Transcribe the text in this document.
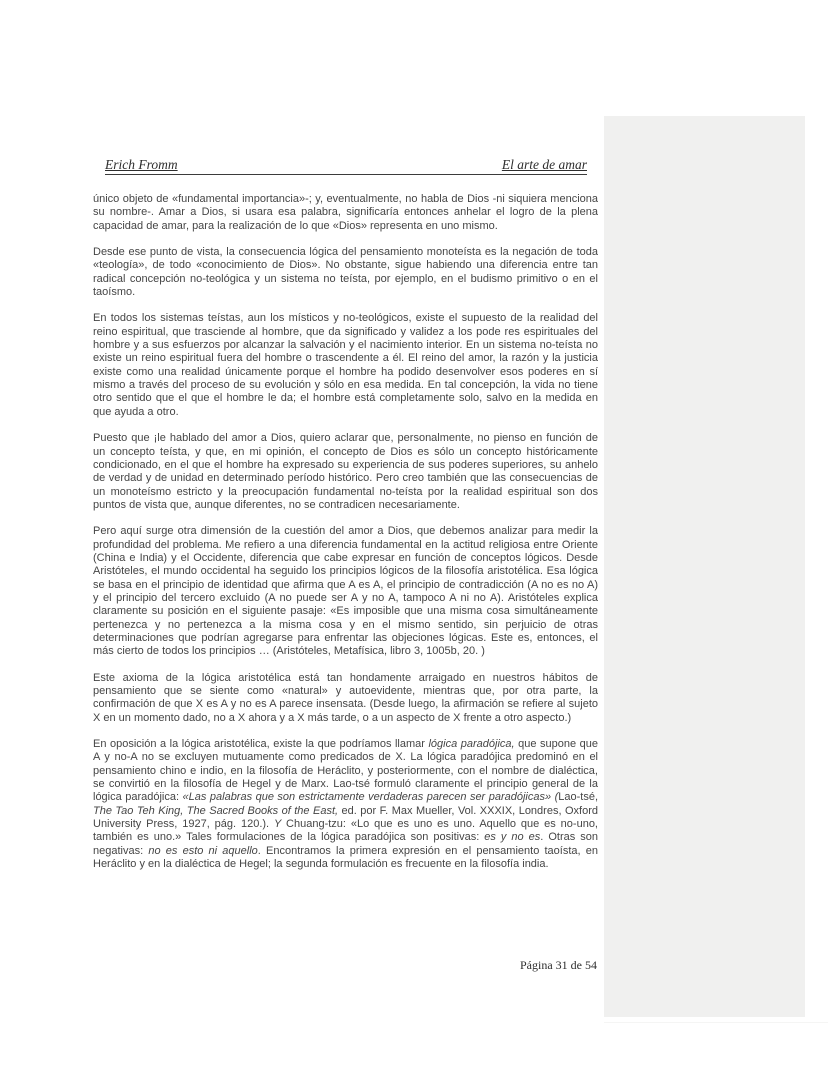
Erich Fromm	El arte de amar

único objeto de «fundamental importancia»-; y, eventualmente, no habla de Dios -ni siquiera menciona su nombre-. Amar a Dios, si usara esa palabra, significaría entonces anhelar el logro de la plena capacidad de amar, para la realización de lo que «Dios» representa en uno mismo.

Desde ese punto de vista, la consecuencia lógica del pensamiento monoteísta es la negación de toda «teología», de todo «conocimiento de Dios». No obstante, sigue habiendo una diferencia entre tan radical concepción no-teológica y un sistema no teísta, por ejemplo, en el budismo primitivo o en el taoísmo.

En todos los sistemas teístas, aun los místicos y no-teológicos, existe el supuesto de la realidad del reino espiritual, que trasciende al hombre, que da significado y validez a los pode res espirituales del hombre y a sus esfuerzos por alcanzar la salvación y el nacimiento interior. En un sistema no-teísta no existe un reino espiritual fuera del hombre o trascendente a él. El reino del amor, la razón y la justicia existe como una realidad únicamente porque el hombre ha podido desenvolver esos poderes en sí mismo a través del proceso de su evolución y sólo en esa medida. En tal concepción, la vida no tiene otro sentido que el que el hombre le da; el hombre está completamente solo, salvo en la medida en que ayuda a otro.

Puesto que ¡le hablado del amor a Dios, quiero aclarar que, personalmente, no pienso en función de un concepto teísta, y que, en mi opinión, el concepto de Dios es sólo un concepto históricamente condicionado, en el que el hombre ha expresado su experiencia de sus poderes superiores, su anhelo de verdad y de unidad en determinado período histórico. Pero creo también que las consecuencias de un monoteísmo estricto y la preocupación fundamental no-teísta por la realidad espiritual son dos puntos de vista que, aunque diferentes, no se contradicen necesariamente.

Pero aquí surge otra dimensión de la cuestión del amor a Dios, que debemos analizar para medir la profundidad del problema. Me refiero a una diferencia fundamental en la actitud religiosa entre Oriente (China e India) y el Occidente, diferencia que cabe expresar en función de conceptos lógicos. Desde Aristóteles, el mundo occidental ha seguido los principios lógicos de la filosofía aristotélica. Esa lógica se basa en el principio de identidad que afirma que A es A, el principio de contradicción (A no es no A) y el principio del tercero excluido (A no puede ser A y no A, tampoco A ni no A). Aristóteles explica claramente su posición en el siguiente pasaje: «Es imposible que una misma cosa simultáneamente pertenezca y no pertenezca a la misma cosa y en el mismo sentido, sin perjuicio de otras determinaciones que podrían agregarse para enfrentar las objeciones lógicas. Este es, entonces, el más cierto de todos los principios … (Aristóteles, Metafísica, libro 3, 1005b, 20. )

Este axioma de la lógica aristotélica está tan hondamente arraigado en nuestros hábitos de pensamiento que se siente como «natural» y autoevidente, mientras que, por otra parte, la confirmación de que X es A y no es A parece insensata. (Desde luego, la afirmación se refiere al sujeto X en un momento dado, no a X ahora y a X más tarde, o a un aspecto de X frente a otro aspecto.)

En oposición a la lógica aristotélica, existe la que podríamos llamar lógica paradójica, que supone que A y no-A no se excluyen mutuamente como predicados de X. La lógica paradójica predominó en el pensamiento chino e indio, en la filosofía de Heráclito, y posteriormente, con el nombre de dialéctica, se convirtió en la filosofía de Hegel y de Marx. Lao-tsé formuló claramente el principio general de la lógica paradójica: «Las palabras que son estrictamente verdaderas parecen ser paradójicas» (Lao-tsé, The Tao Teh King, The Sacred Books of the East, ed. por F. Max Mueller, Vol. XXXIX, Londres, Oxford University Press, 1927, pág. 120.). Y Chuang-tzu: «Lo que es uno es uno. Aquello que es no-uno, también es uno.» Tales formulaciones de la lógica paradójica son positivas: es y no es. Otras son negativas: no es esto ni aquello. Encontramos la primera expresión en el pensamiento taoísta, en Heráclito y en la dialéctica de Hegel; la segunda formulación es frecuente en la filosofía india.

Página 31 de 54
